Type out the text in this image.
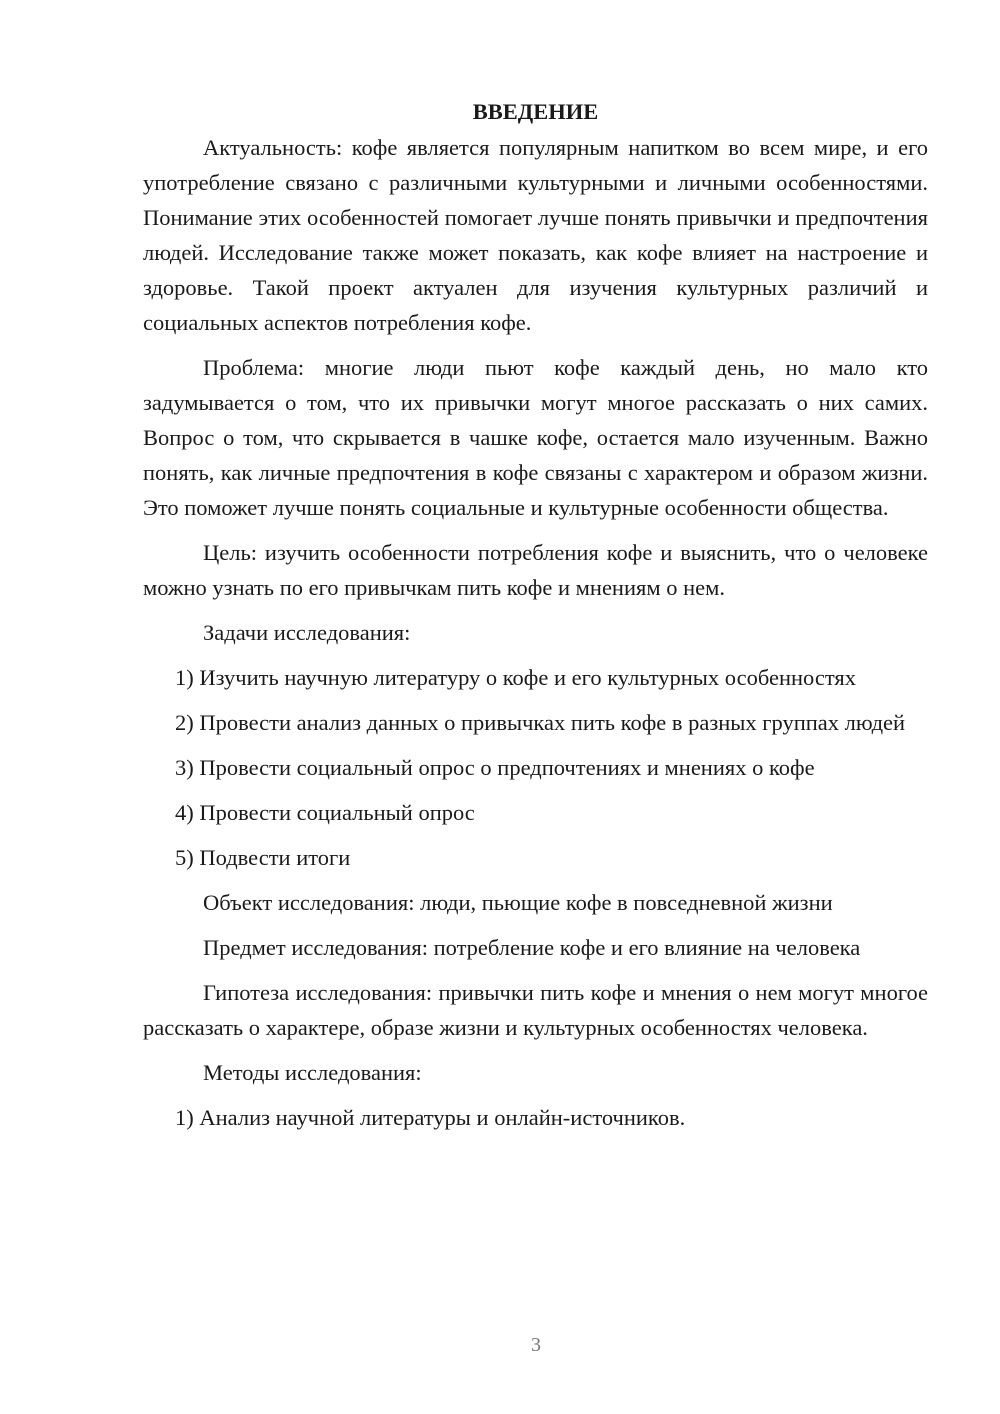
ВВЕДЕНИЕ

Актуальность: кофе является популярным напитком во всем мире, и его употребление связано с различными культурными и личными особенностями. Понимание этих особенностей помогает лучше понять привычки и предпочтения людей. Исследование также может показать, как кофе влияет на настроение и здоровье. Такой проект актуален для изучения культурных различий и социальных аспектов потребления кофе.

Проблема: многие люди пьют кофе каждый день, но мало кто задумывается о том, что их привычки могут многое рассказать о них самих. Вопрос о том, что скрывается в чашке кофе, остается мало изученным. Важно понять, как личные предпочтения в кофе связаны с характером и образом жизни. Это поможет лучше понять социальные и культурные особенности общества.

Цель: изучить особенности потребления кофе и выяснить, что о человеке можно узнать по его привычкам пить кофе и мнениям о нем.

Задачи исследования:

1) Изучить научную литературу о кофе и его культурных особенностях

2) Провести анализ данных о привычках пить кофе в разных группах людей

3) Провести социальный опрос о предпочтениях и мнениях о кофе

4) Провести социальный опрос

5) Подвести итоги

Объект исследования: люди, пьющие кофе в повседневной жизни

Предмет исследования: потребление кофе и его влияние на человека

Гипотеза исследования: привычки пить кофе и мнения о нем могут многое рассказать о характере, образе жизни и культурных особенностях человека.

Методы исследования:

1) Анализ научной литературы и онлайн-источников.

3
